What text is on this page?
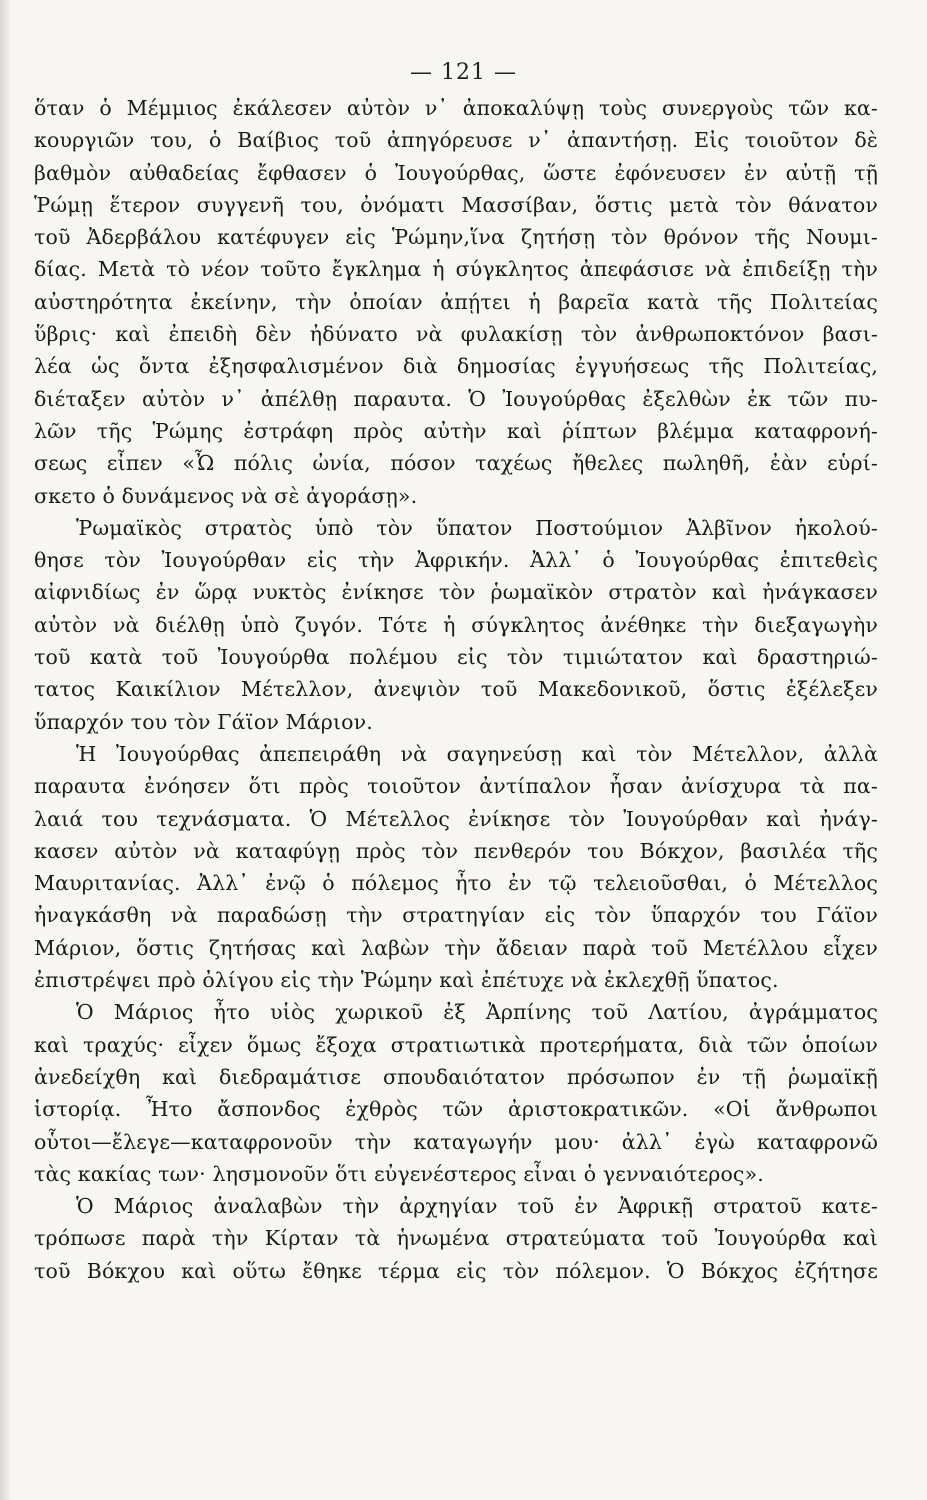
— 121 —
ὅταν ὁ Μέμμιος ἐκάλεσεν αὐτὸν ν᾿ ἀποκαλύψῃ τοὺς συνεργοὺς τῶν κα-
κουργιῶν του, ὁ Βαίβιος τοῦ ἀπηγόρευσε ν᾿ ἀπαντήσῃ. Εἰς τοιοῦτον δὲ
βαθμὸν αὐθαδείας ἔφθασεν ὁ Ἰουγούρθας, ὥστε ἐφόνευσεν ἐν αὐτῇ τῇ
Ῥώμῃ ἕτερον συγγενῆ του, ὀνόματι Μασσίβαν, ὅστις μετὰ τὸν θάνατον
τοῦ Ἀδερβάλου κατέφυγεν εἰς Ῥώμην,ἵνα ζητήσῃ τὸν θρόνον τῆς Νουμι-
δίας. Μετὰ τὸ νέον τοῦτο ἔγκλημα ἡ σύγκλητος ἀπεφάσισε νὰ ἐπιδείξῃ τὴν
αὐστηρότητα ἐκείνην, τὴν ὁποίαν ἀπῄτει ἡ βαρεῖα κατὰ τῆς Πολιτείας
ὕβρις· καὶ ἐπειδὴ δὲν ἠδύνατο νὰ φυλακίσῃ τὸν ἀνθρωποκτόνον βασι-
λέα ὡς ὄντα ἐξησφαλισμένον διὰ δημοσίας ἐγγυήσεως τῆς Πολιτείας,
διέταξεν αὐτὸν ν᾿ ἀπέλθῃ παραυτα. Ὁ Ἰουγούρθας ἐξελθὼν ἐκ τῶν πυ-
λῶν τῆς Ῥώμης ἐστράφη πρὸς αὐτὴν καὶ ῥίπτων βλέμμα καταφρονή-
σεως εἶπεν «Ὦ πόλις ὠνία, πόσον ταχέως ἤθελες πωληθῆ, ἐὰν εὑρί-
σκετο ὁ δυνάμενος νὰ σὲ ἀγοράσῃ».
Ῥωμαϊκὸς στρατὸς ὑπὸ τὸν ὕπατον Ποστούμιον Ἀλβῖνον ἠκολού-
θησε τὸν Ἰουγούρθαν εἰς τὴν Ἀφρικήν. Ἀλλ᾿ ὁ Ἰουγούρθας ἐπιτεθεὶς
αἰφνιδίως ἐν ὥρᾳ νυκτὸς ἐνίκησε τὸν ῥωμαϊκὸν στρατὸν καὶ ἠνάγκασεν
αὐτὸν νὰ διέλθῃ ὑπὸ ζυγόν. Τότε ἡ σύγκλητος ἀνέθηκε τὴν διεξαγωγὴν
τοῦ κατὰ τοῦ Ἰουγούρθα πολέμου εἰς τὸν τιμιώτατον καὶ δραστηριώ-
τατος Καικίλιον Μέτελλον, ἀνεψιὸν τοῦ Μακεδονικοῦ, ὅστις ἐξέλεξεν
ὕπαρχόν του τὸν Γάϊον Μάριον.
Ἡ Ἰουγούρθας ἀπεπειράθη νὰ σαγηνεύσῃ καὶ τὸν Μέτελλον, ἀλλὰ
παραυτα ἐνόησεν ὅτι πρὸς τοιοῦτον ἀντίπαλον ἦσαν ἀνίσχυρα τὰ πα-
λαιά του τεχνάσματα. Ὁ Μέτελλος ἐνίκησε τὸν Ἰουγούρθαν καὶ ἠνάγ-
κασεν αὐτὸν νὰ καταφύγῃ πρὸς τὸν πενθερόν του Βόκχον, βασιλέα τῆς
Μαυριτανίας. Ἀλλ᾿ ἐνῷ ὁ πόλεμος ἦτο ἐν τῷ τελειοῦσθαι, ὁ Μέτελλος
ἠναγκάσθη νὰ παραδώσῃ τὴν στρατηγίαν εἰς τὸν ὕπαρχόν του Γάϊον
Μάριον, ὅστις ζητήσας καὶ λαβὼν τὴν ἄδειαν παρὰ τοῦ Μετέλλου εἶχεν
ἐπιστρέψει πρὸ ὀλίγου εἰς τὴν Ῥώμην καὶ ἐπέτυχε νὰ ἐκλεχθῇ ὕπατος.
Ὁ Μάριος ἦτο υἱὸς χωρικοῦ ἐξ Ἀρπίνης τοῦ Λατίου, ἀγράμματος
καὶ τραχύς· εἶχεν ὅμως ἔξοχα στρατιωτικὰ προτερήματα, διὰ τῶν ὁποίων
ἀνεδείχθη καὶ διεδραμάτισε σπουδαιότατον πρόσωπον ἐν τῇ ῥωμαϊκῇ
ἱστορίᾳ. Ἦτο ἄσπονδος ἐχθρὸς τῶν ἀριστοκρατικῶν. «Οἱ ἄνθρωποι
οὗτοι—ἔλεγε—καταφρονοῦν τὴν καταγωγήν μου· ἀλλ᾿ ἐγὼ καταφρονῶ
τὰς κακίας των· λησμονοῦν ὅτι εὐγενέστερος εἶναι ὁ γενναιότερος».
Ὁ Μάριος ἀναλαβὼν τὴν ἀρχηγίαν τοῦ ἐν Ἀφρικῇ στρατοῦ κατε-
τρόπωσε παρὰ τὴν Κίρταν τὰ ἡνωμένα στρατεύματα τοῦ Ἰουγούρθα καὶ
τοῦ Βόκχου καὶ οὕτω ἔθηκε τέρμα εἰς τὸν πόλεμον. Ὁ Βόκχος ἐζήτησε
